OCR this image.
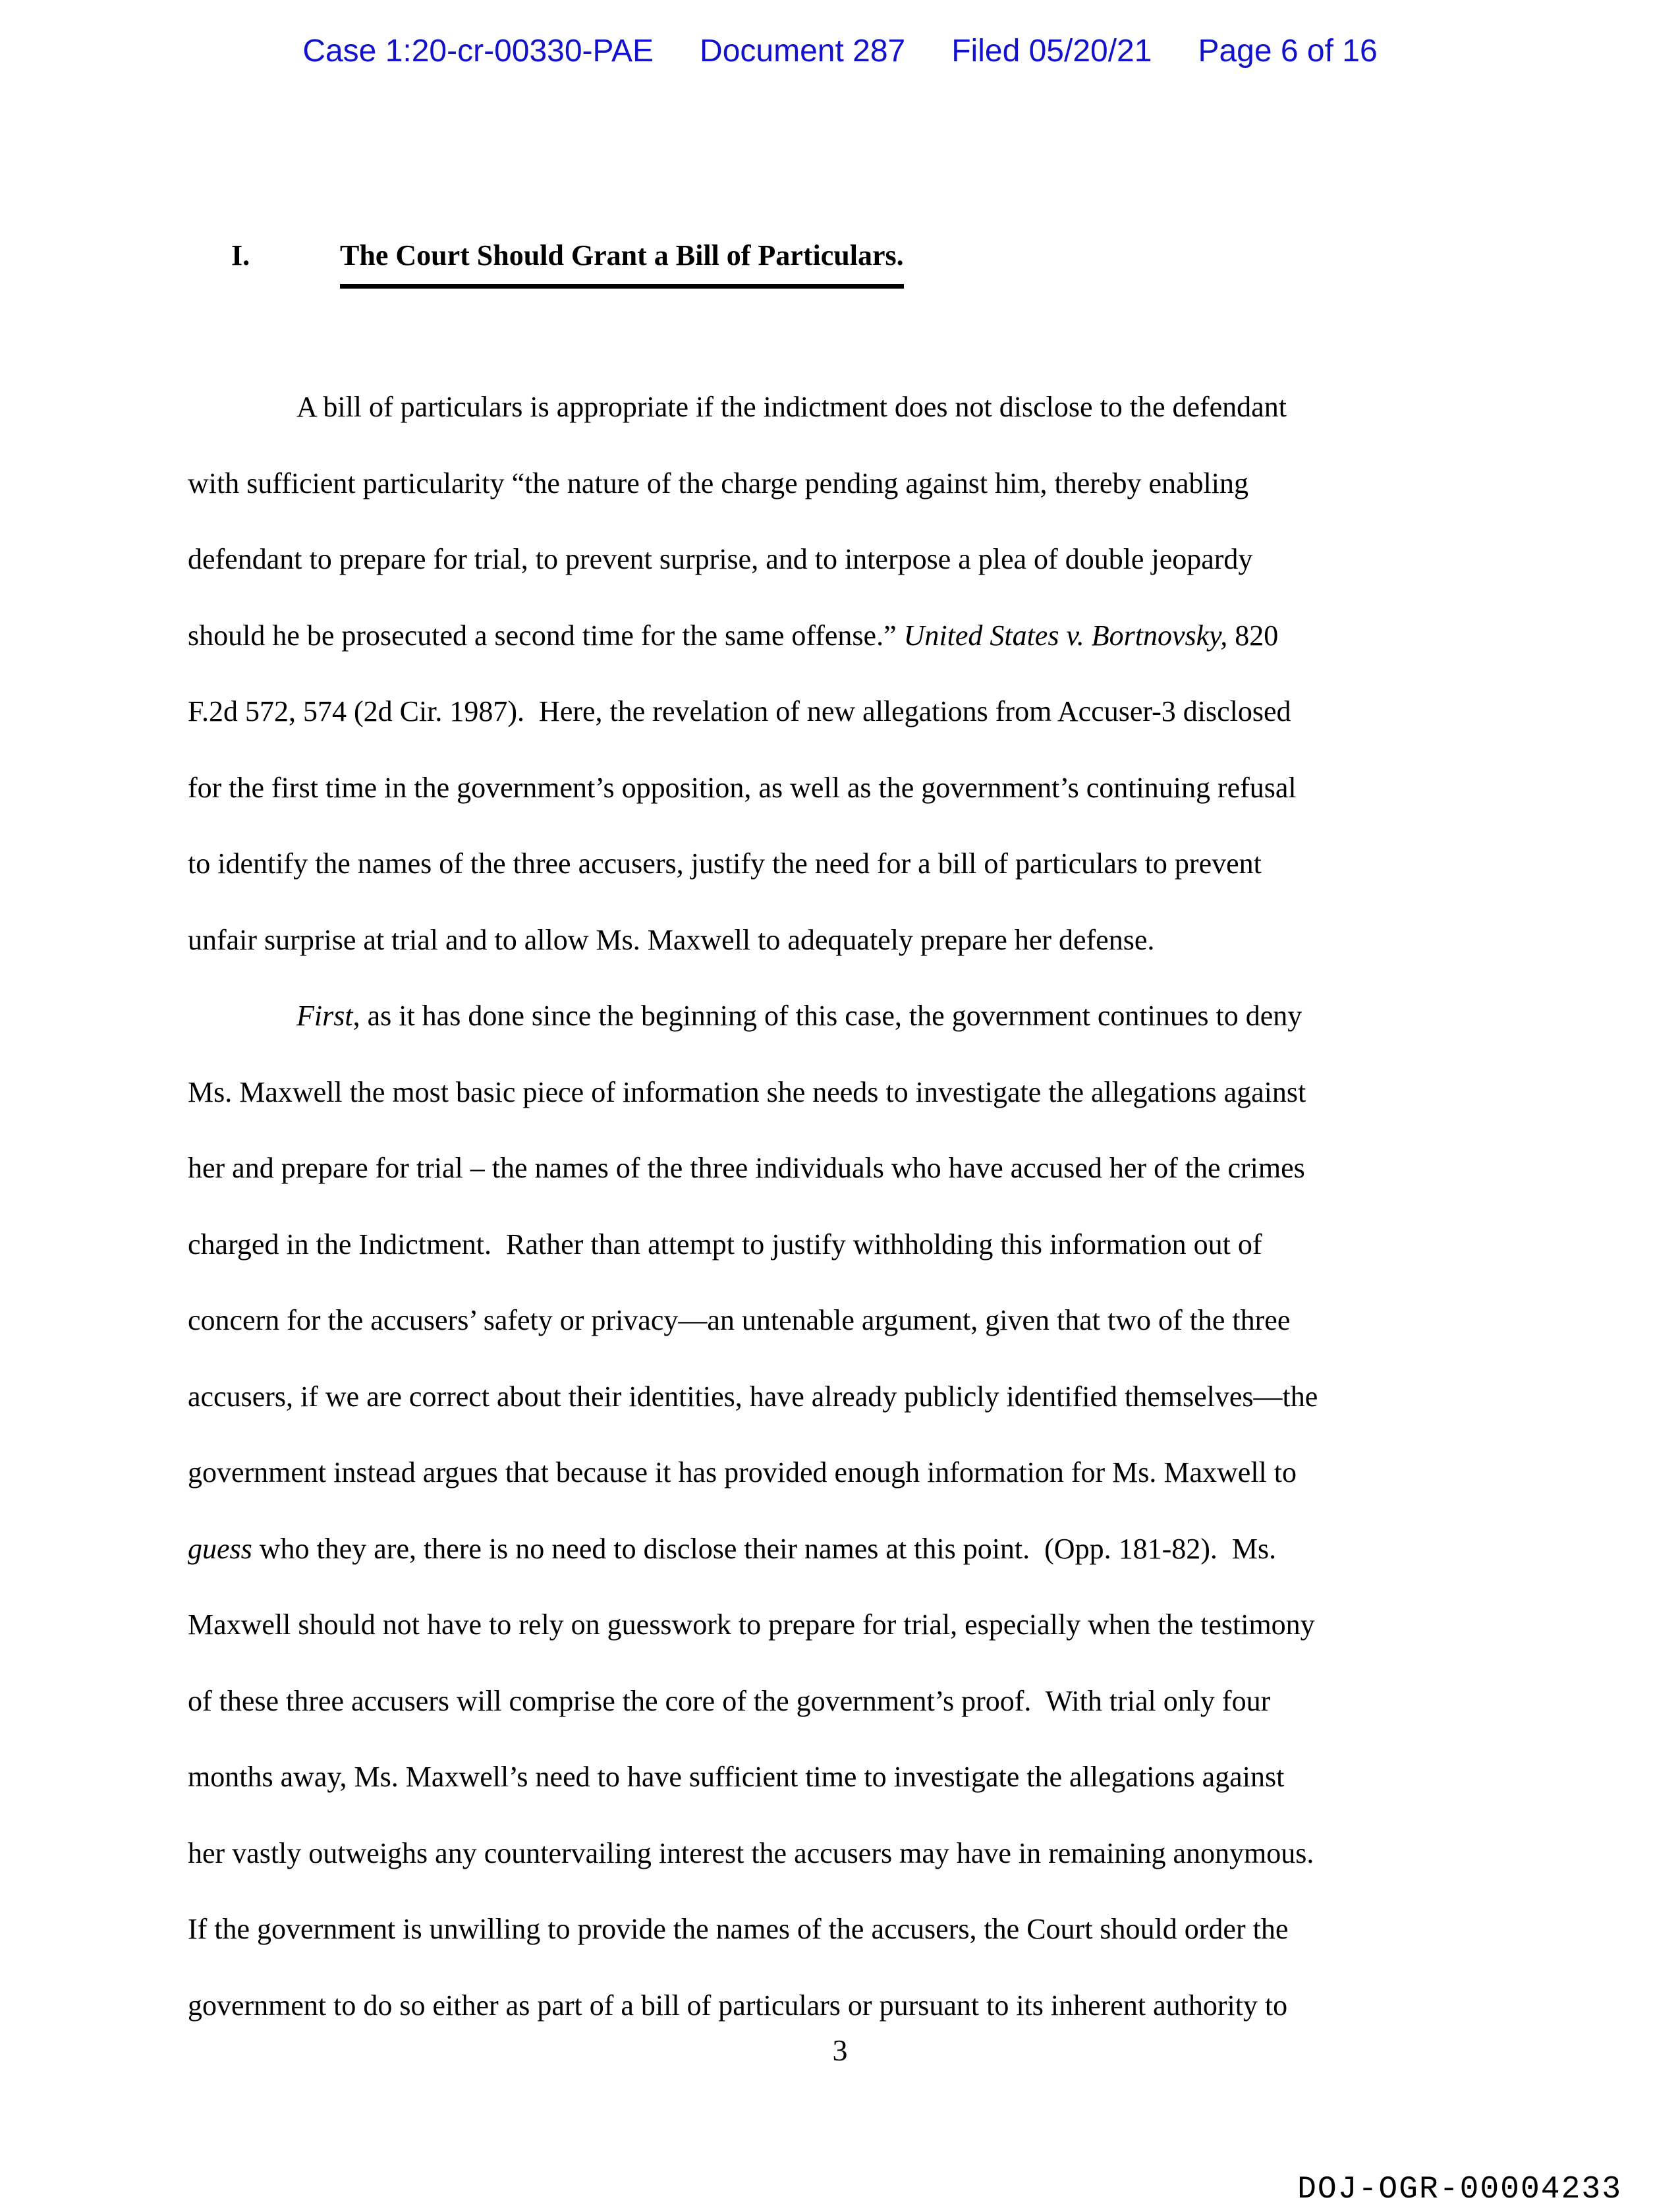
Case 1:20-cr-00330-PAE Document 287 Filed 05/20/21 Page 6 of 16

I.	The Court Should Grant a Bill of Particulars.

A bill of particulars is appropriate if the indictment does not disclose to the defendant
with sufficient particularity “the nature of the charge pending against him, thereby enabling
defendant to prepare for trial, to prevent surprise, and to interpose a plea of double jeopardy
should he be prosecuted a second time for the same offense.” United States v. Bortnovsky, 820
F.2d 572, 574 (2d Cir. 1987).  Here, the revelation of new allegations from Accuser-3 disclosed
for the first time in the government’s opposition, as well as the government’s continuing refusal
to identify the names of the three accusers, justify the need for a bill of particulars to prevent
unfair surprise at trial and to allow Ms. Maxwell to adequately prepare her defense.
First, as it has done since the beginning of this case, the government continues to deny
Ms. Maxwell the most basic piece of information she needs to investigate the allegations against
her and prepare for trial – the names of the three individuals who have accused her of the crimes
charged in the Indictment.  Rather than attempt to justify withholding this information out of
concern for the accusers’ safety or privacy—an untenable argument, given that two of the three
accusers, if we are correct about their identities, have already publicly identified themselves—the
government instead argues that because it has provided enough information for Ms. Maxwell to
guess who they are, there is no need to disclose their names at this point.  (Opp. 181-82).  Ms.
Maxwell should not have to rely on guesswork to prepare for trial, especially when the testimony
of these three accusers will comprise the core of the government’s proof.  With trial only four
months away, Ms. Maxwell’s need to have sufficient time to investigate the allegations against
her vastly outweighs any countervailing interest the accusers may have in remaining anonymous.
If the government is unwilling to provide the names of the accusers, the Court should order the
government to do so either as part of a bill of particulars or pursuant to its inherent authority to
3
DOJ-OGR-00004233
